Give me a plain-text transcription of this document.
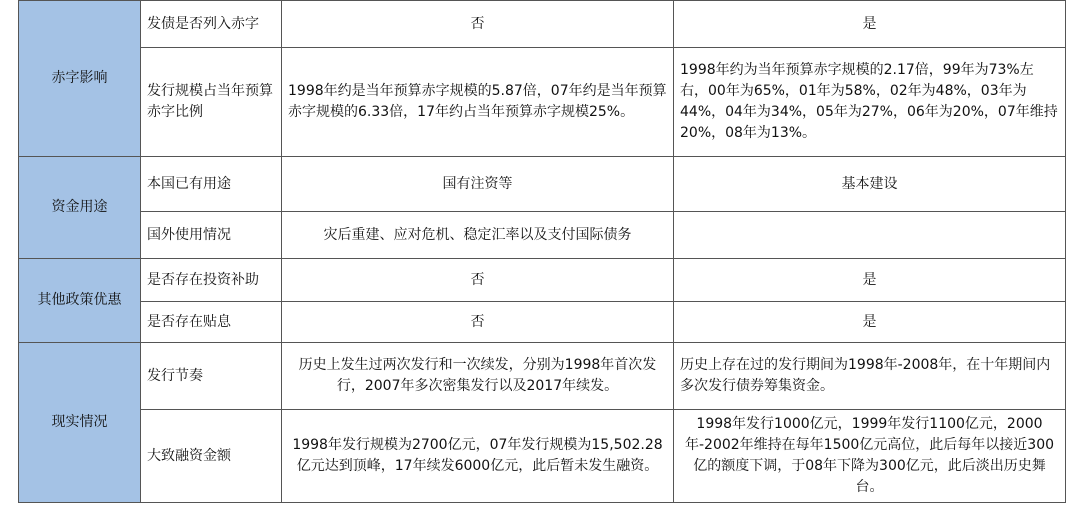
赤字影响	发债是否列入赤字	否	是
	发行规模占当年预算赤字比例	1998年约是当年预算赤字规模的5.87倍，07年约是当年预算赤字规模的6.33倍，17年约占当年预算赤字规模25%。	1998年约为当年预算赤字规模的2.17倍，99年为73%左右，00年为65%，01年为58%，02年为48%，03年为44%，04年为34%，05年为27%，06年为20%，07年维持20%，08年为13%。
资金用途	本国已有用途	国有注资等	基本建设
	国外使用情况	灾后重建、应对危机、稳定汇率以及支付国际债务	
其他政策优惠	是否存在投资补助	否	是
	是否存在贴息	否	是
现实情况	发行节奏	历史上发生过两次发行和一次续发，分别为1998年首次发行，2007年多次密集发行以及2017年续发。	历史上存在过的发行期间为1998年-2008年，在十年期间内多次发行债券筹集资金。
	大致融资金额	1998年发行规模为2700亿元，07年发行规模为15,502.28亿元达到顶峰，17年续发6000亿元，此后暂未发生融资。	1998年发行1000亿元，1999年发行1100亿元，2000年-2002年维持在每年1500亿元高位，此后每年以接近300亿的额度下调，于08年下降为300亿元，此后淡出历史舞台。
